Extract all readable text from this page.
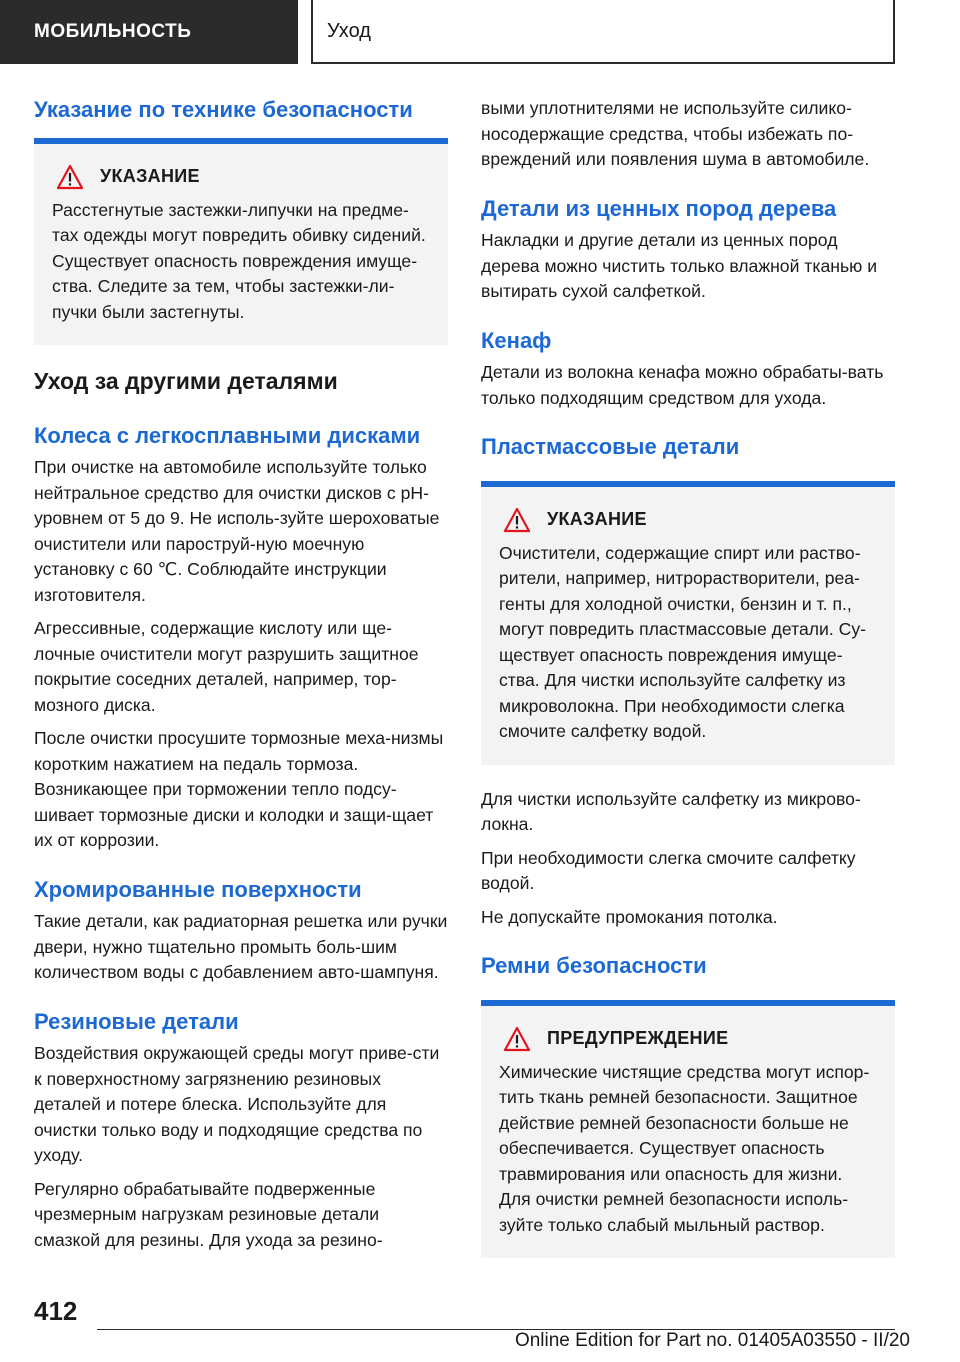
МОБИЛЬНОСТЬ	Уход
Указание по технике безопасности
УКАЗАНИЕ

Расстегнутые застежки-липучки на предме-тах одежды могут повредить обивку сидений. Существует опасность повреждения имуще-ства. Следите за тем, чтобы застежки-ли-пучки были застегнуты.

Уход за другими деталями
Колеса с легкосплавными дисками

При очистке на автомобиле используйте только нейтральное средство для очистки дисков с pH-уровнем от 5 до 9. Не исполь-зуйте шероховатые очистители или пароструй-ную моечную установку с 60 ℃. Соблюдайте инструкции изготовителя.

Агрессивные, содержащие кислоту или ще-лочные очистители могут разрушить защитное покрытие соседних деталей, например, тор-мозного диска.

После очистки просушите тормозные меха-низмы коротким нажатием на педаль тормоза. Возникающее при торможении тепло подсу-шивает тормозные диски и колодки и защи-щает их от коррозии.

Хромированные поверхности

Такие детали, как радиаторная решетка или ручки двери, нужно тщательно промыть боль-шим количеством воды с добавлением авто-шампуня.

Резиновые детали

Воздействия окружающей среды могут приве-сти к поверхностному загрязнению резиновых деталей и потере блеска. Используйте для очистки только воду и подходящие средства по уходу.

Регулярно обрабатывайте подверженные чрезмерным нагрузкам резиновые детали смазкой для резины. Для ухода за резино-

выми уплотнителями не используйте силико-носодержащие средства, чтобы избежать по-вреждений или появления шума в автомобиле.

Детали из ценных пород дерева

Накладки и другие детали из ценных пород дерева можно чистить только влажной тканью и вытирать сухой салфеткой.

Кенаф

Детали из волокна кенафа можно обрабаты-вать только подходящим средством для ухода.

Пластмассовые детали
УКАЗАНИЕ

Очистители, содержащие спирт или раство-рители, например, нитрорастворители, реа-генты для холодной очистки, бензин и т. п., могут повредить пластмассовые детали. Су-ществует опасность повреждения имуще-ства. Для чистки используйте салфетку из микроволокна. При необходимости слегка смочите салфетку водой.

Для чистки используйте салфетку из микрово-локна.

При необходимости слегка смочите салфетку водой.

Не допускайте промокания потолка.

Ремни безопасности
ПРЕДУПРЕЖДЕНИЕ

Химические чистящие средства могут испор-тить ткань ремней безопасности. Защитное действие ремней безопасности больше не обеспечивается. Существует опасность травмирования или опасность для жизни. Для очистки ремней безопасности исполь-зуйте только слабый мыльный раствор.

412
Online Edition for Part no. 01405A03550 - II/20
